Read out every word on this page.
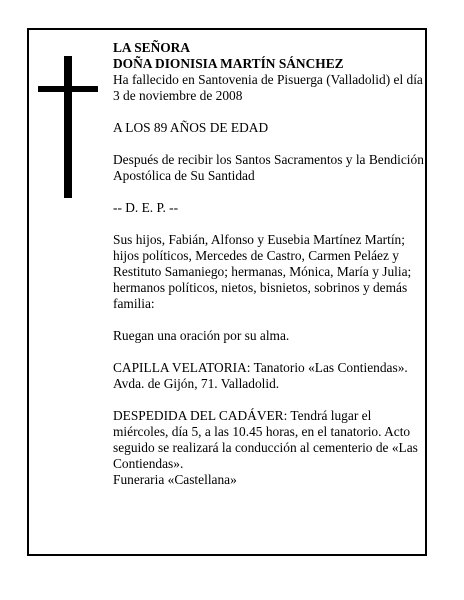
LA SEÑORA

DOÑA DIONISIA MARTÍN SÁNCHEZ

Ha fallecido en Santovenia de Pisuerga (Valladolid) el día 3 de noviembre de 2008

A LOS 89 AÑOS DE EDAD

Después de recibir los Santos Sacramentos y la Bendición Apostólica de Su Santidad

-- D. E. P. --

Sus hijos, Fabián, Alfonso y Eusebia Martínez Martín; hijos políticos, Mercedes de Castro, Carmen Peláez y Restituto Samaniego; hermanas, Mónica, María y Julia; hermanos políticos, nietos, bisnietos, sobrinos y demás familia:

Ruegan una oración por su alma.

CAPILLA VELATORIA: Tanatorio «Las Contiendas». Avda. de Gijón, 71. Valladolid.

DESPEDIDA DEL CADÁVER: Tendrá lugar el miércoles, día 5, a las 10.45 horas, en el tanatorio. Acto seguido se realizará la conducción al cementerio de «Las Contiendas».

Funeraria «Castellana»
